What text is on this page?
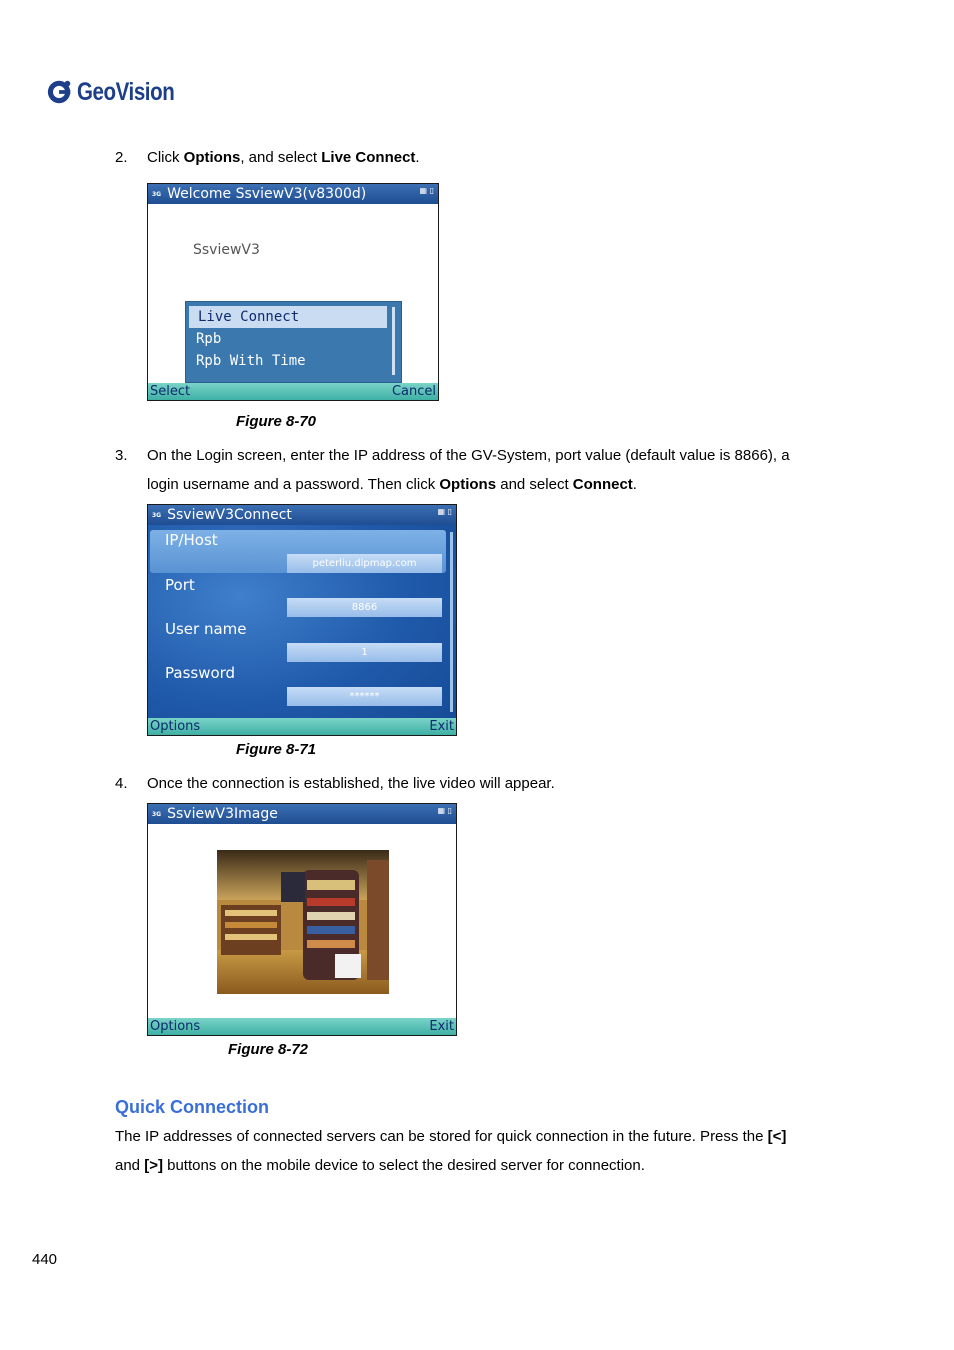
GeoVision
2. Click Options, and select Live Connect.
3G Welcome SsviewV3(v8300d)	▦ ▯
SsviewV3
Live Connect
Rpb
Rpb With Time
Select	Cancel
Figure 8-70
3. On the Login screen, enter the IP address of the GV-System, port value (default value is 8866), a
login username and a password. Then click Options and select Connect.
3G SsviewV3Connect	▦ ▯
IP/Host
peterliu.dipmap.com
Port
8866
User name
1
Password
******
Options	Exit
Figure 8-71
4. Once the connection is established, the live video will appear.
3G SsviewV3Image	▦ ▯
Options	Exit
Figure 8-72
Quick Connection
The IP addresses of connected servers can be stored for quick connection in the future. Press the [<]
and [>] buttons on the mobile device to select the desired server for connection.
440
